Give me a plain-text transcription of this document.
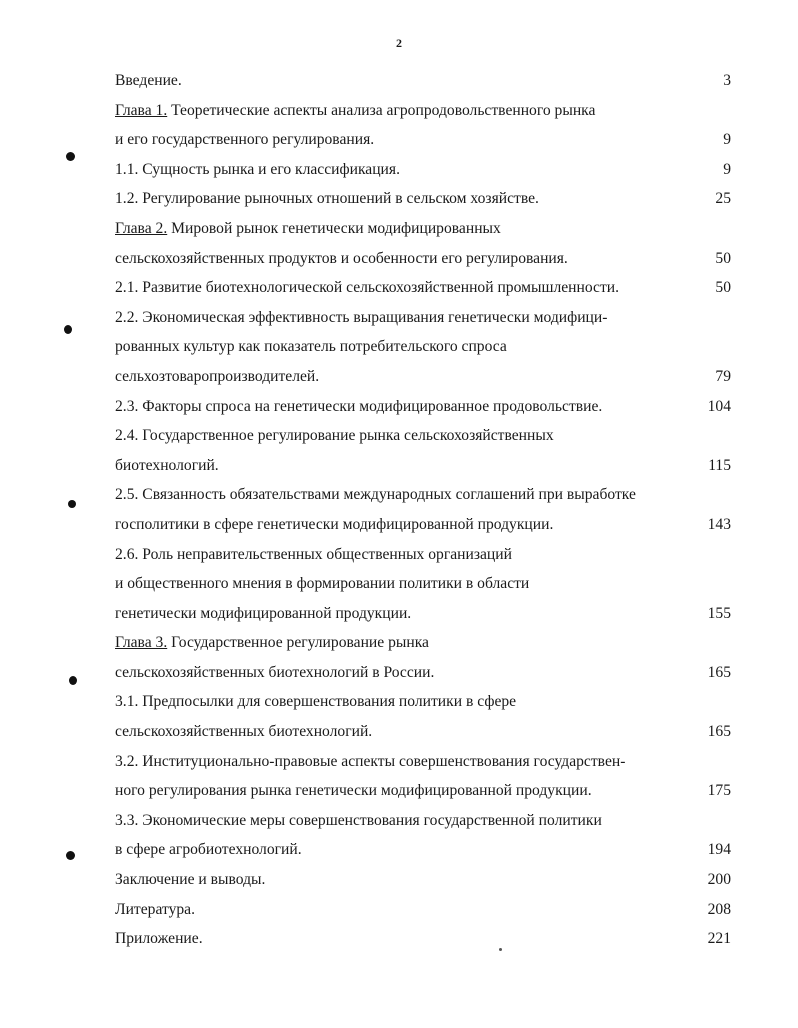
2
Введение.	3
Глава 1. Теоретические аспекты анализа агропродовольственного рынка
и его государственного регулирования.	9
1.1. Сущность рынка и его классификация.	9
1.2. Регулирование рыночных отношений в сельском хозяйстве.	25
Глава 2. Мировой рынок генетически модифицированных
сельскохозяйственных продуктов и особенности его регулирования.	50
2.1. Развитие биотехнологической сельскохозяйственной промышленности.	50
2.2. Экономическая эффективность выращивания генетически модифици-
рованных культур как показатель потребительского спроса
сельхозтоваропроизводителей.	79
2.3. Факторы спроса на генетически модифицированное продовольствие.	104
2.4. Государственное регулирование рынка сельскохозяйственных
биотехнологий.	115
2.5. Связанность обязательствами международных соглашений при выработке
госполитики в сфере генетически модифицированной продукции.	143
2.6. Роль неправительственных общественных организаций
и общественного мнения в формировании политики в области
генетически модифицированной продукции.	155
Глава 3. Государственное регулирование рынка
сельскохозяйственных биотехнологий в России.	165
3.1. Предпосылки для совершенствования политики в сфере
сельскохозяйственных биотехнологий.	165
3.2. Институционально-правовые аспекты совершенствования государствен-
ного регулирования рынка генетически модифицированной продукции.	175
3.3. Экономические меры совершенствования государственной политики
в сфере агробиотехнологий.	194
Заключение и выводы.	200
Литература.	208
Приложение.	221
